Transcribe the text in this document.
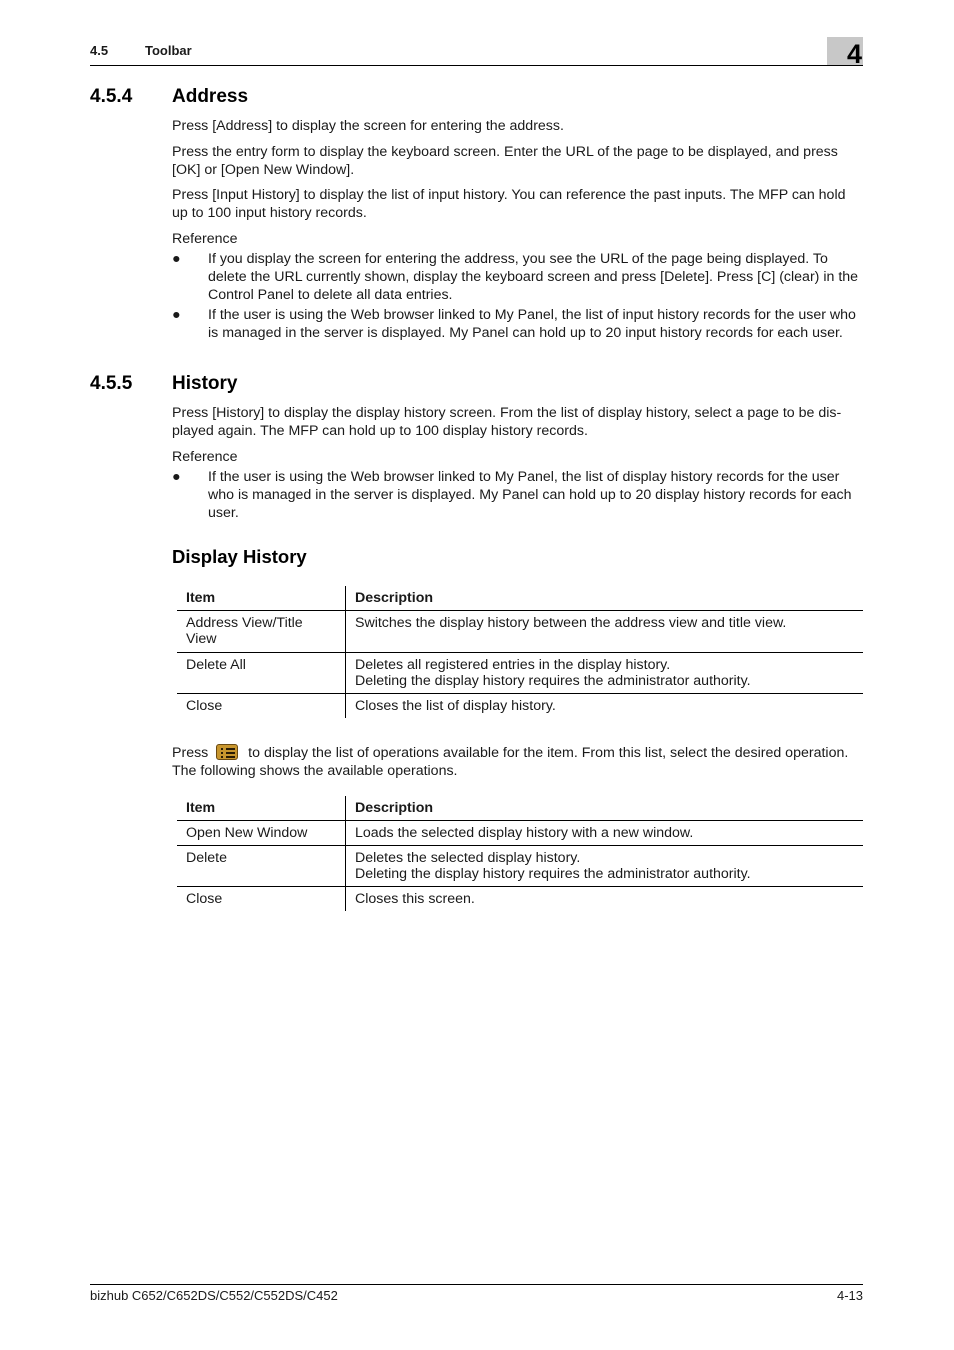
4.5	Toolbar	4
4.5.4 Address

Press [Address] to display the screen for entering the address.

Press the entry form to display the keyboard screen. Enter the URL of the page to be displayed, and press
[OK] or [Open New Window].
Press [Input History] to display the list of input history. You can reference the past inputs. The MFP can hold
up to 100 input history records.

Reference

● If you display the screen for entering the address, you see the URL of the page being displayed. To
delete the URL currently shown, display the keyboard screen and press [Delete]. Press [C] (clear) in the
Control Panel to delete all data entries.
● If the user is using the Web browser linked to My Panel, the list of input history records for the user who
is managed in the server is displayed. My Panel can hold up to 20 input history records for each user.
4.5.5 History
Press [History] to display the display history screen. From the list of display history, select a page to be dis-
played again. The MFP can hold up to 100 display history records.

Reference

● If the user is using the Web browser linked to My Panel, the list of display history records for the user
who is managed in the server is displayed. My Panel can hold up to 20 display history records for each
user.
Display History
Item	Description

Address View/Title
View	Switches the display history between the address view and title view.

Delete All	Deletes all registered entries in the display history.
Deleting the display history requires the administrator authority.

Close	Closes the list of display history.
Press	to display the list of operations available for the item. From this list, select the desired operation.
The following shows the available operations.
Item	Description

Open New Window	Loads the selected display history with a new window.

Delete	Deletes the selected display history.
Deleting the display history requires the administrator authority.

Close	Closes this screen.
bizhub C652/C652DS/C552/C552DS/C452	4-13
